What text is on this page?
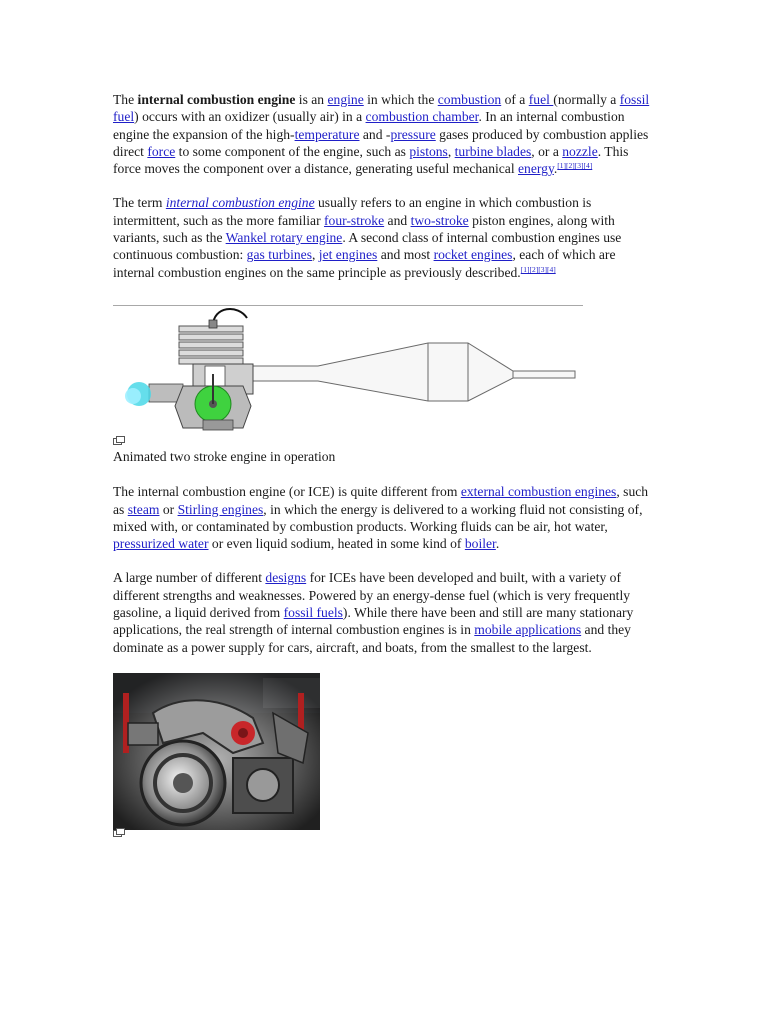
The internal combustion engine is an engine in which the combustion of a fuel (normally a fossil fuel) occurs with an oxidizer (usually air) in a combustion chamber. In an internal combustion engine the expansion of the high-temperature and -pressure gases produced by combustion applies direct force to some component of the engine, such as pistons, turbine blades, or a nozzle. This force moves the component over a distance, generating useful mechanical energy.[1][2][3][4]

The term internal combustion engine usually refers to an engine in which combustion is intermittent, such as the more familiar four-stroke and two-stroke piston engines, along with variants, such as the Wankel rotary engine. A second class of internal combustion engines use continuous combustion: gas turbines, jet engines and most rocket engines, each of which are internal combustion engines on the same principle as previously described.[1][2][3][4]

Animated two stroke engine in operation

The internal combustion engine (or ICE) is quite different from external combustion engines, such as steam or Stirling engines, in which the energy is delivered to a working fluid not consisting of, mixed with, or contaminated by combustion products. Working fluids can be air, hot water, pressurized water or even liquid sodium, heated in some kind of boiler.

A large number of different designs for ICEs have been developed and built, with a variety of different strengths and weaknesses. Powered by an energy-dense fuel (which is very frequently gasoline, a liquid derived from fossil fuels). While there have been and still are many stationary applications, the real strength of internal combustion engines is in mobile applications and they dominate as a power supply for cars, aircraft, and boats, from the smallest to the largest.
